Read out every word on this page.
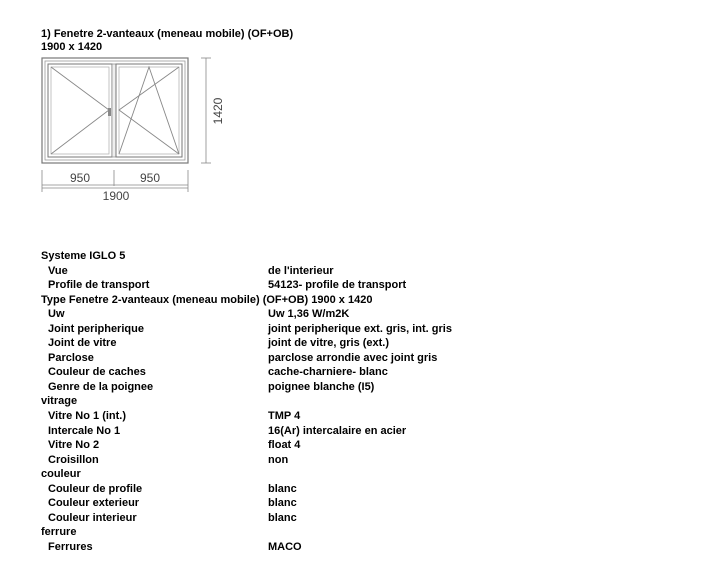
1) Fenetre 2-vanteaux (meneau mobile) (OF+OB)
1900 x 1420
1420
950	950
1900
Systeme IGLO 5
Vue	de l'interieur
Profile de transport	54123- profile de transport
Type Fenetre 2-vanteaux (meneau mobile) (OF+OB) 1900 x 1420
Uw	Uw 1,36 W/m2K
Joint peripherique	joint peripherique ext. gris, int. gris
Joint de vitre	joint de vitre, gris (ext.)
Parclose	parclose arrondie avec joint gris
Couleur de caches	cache-charniere- blanc
Genre de la poignee	poignee blanche (I5)
vitrage
Vitre No 1 (int.)	TMP 4
Intercale No 1	16(Ar) intercalaire en acier
Vitre No 2	float 4
Croisillon	non
couleur
Couleur de profile	blanc
Couleur exterieur	blanc
Couleur interieur	blanc
ferrure
Ferrures	MACO
